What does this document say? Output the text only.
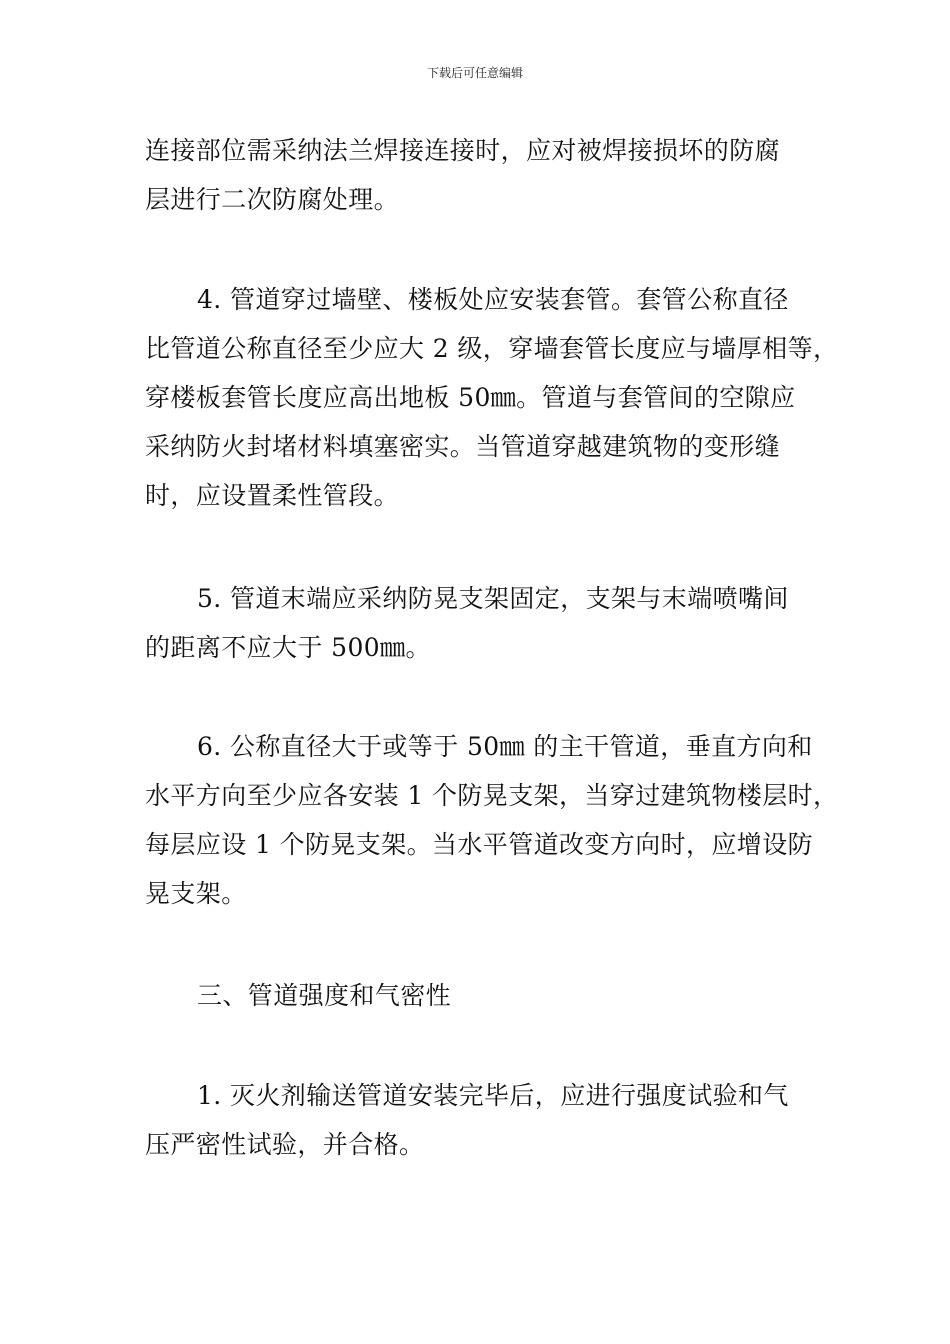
下载后可任意编辑
连接部位需采纳法兰焊接连接时，应对被焊接损坏的防腐
层进行二次防腐处理。
4. 管道穿过墙壁、楼板处应安装套管。套管公称直径
比管道公称直径至少应大 2 级，穿墙套管长度应与墙厚相等，
穿楼板套管长度应高出地板 50㎜。管道与套管间的空隙应
采纳防火封堵材料填塞密实。当管道穿越建筑物的变形缝
时，应设置柔性管段。
5. 管道末端应采纳防晃支架固定，支架与末端喷嘴间
的距离不应大于 500㎜。
6. 公称直径大于或等于 50㎜ 的主干管道，垂直方向和
水平方向至少应各安装 1 个防晃支架，当穿过建筑物楼层时，
每层应设 1 个防晃支架。当水平管道改变方向时，应增设防
晃支架。
三、管道强度和气密性
1. 灭火剂输送管道安装完毕后，应进行强度试验和气
压严密性试验，并合格。
